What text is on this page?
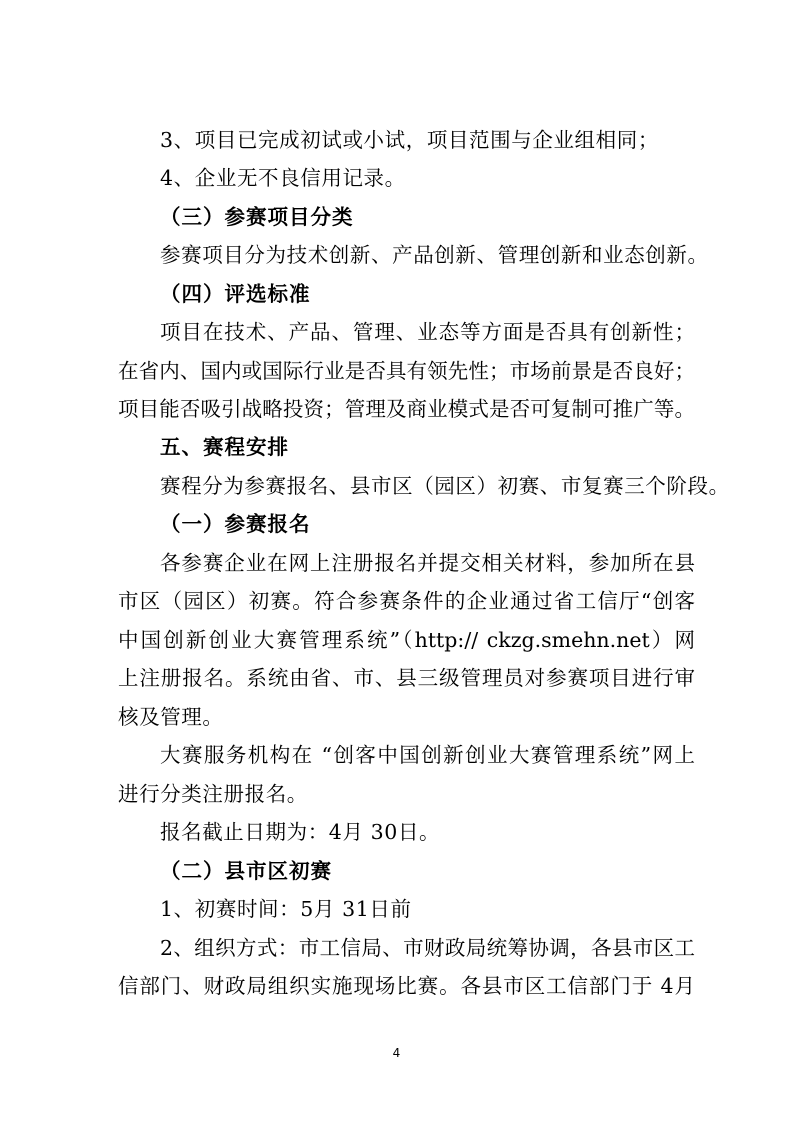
3、项目已完成初试或小试，项目范围与企业组相同；
4、企业无不良信用记录。
（三）参赛项目分类
参赛项目分为技术创新、产品创新、管理创新和业态创新。
（四）评选标准
项目在技术、产品、管理、业态等方面是否具有创新性；
在省内、国内或国际行业是否具有领先性；市场前景是否良好；
项目能否吸引战略投资；管理及商业模式是否可复制可推广等。
五、赛程安排
赛程分为参赛报名、县市区（园区）初赛、市复赛三个阶段。
（一）参赛报名
各参赛企业在网上注册报名并提交相关材料，参加所在县
市区（园区）初赛。符合参赛条件的企业通过省工信厅“创客
中国创新创业大赛管理系统”（http:// ckzg.smehn.net）网
上注册报名。系统由省、市、县三级管理员对参赛项目进行审
核及管理。
大赛服务机构在 “创客中国创新创业大赛管理系统”网上
进行分类注册报名。
报名截止日期为：4月 30日。
（二）县市区初赛
1、初赛时间：5月 31日前
2、组织方式：市工信局、市财政局统筹协调，各县市区工
信部门、财政局组织实施现场比赛。各县市区工信部门于 4月
4
